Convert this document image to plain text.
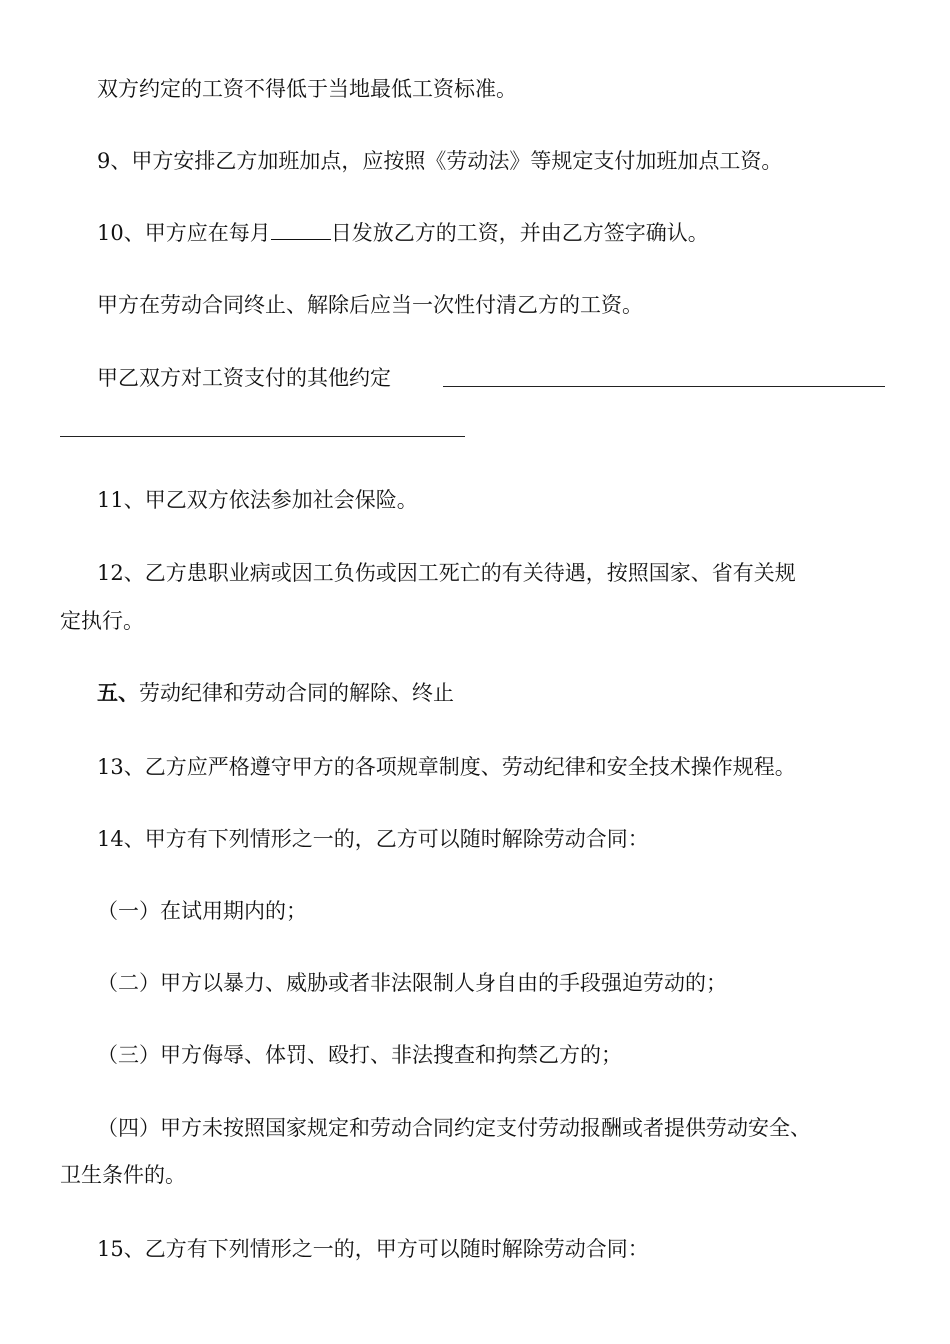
双方约定的工资不得低于当地最低工资标准。
9、甲方安排乙方加班加点，应按照《劳动法》等规定支付加班加点工资。
10、甲方应在每月	日发放乙方的工资，并由乙方签字确认。
甲方在劳动合同终止、解除后应当一次性付清乙方的工资。
甲乙双方对工资支付的其他约定
11、甲乙双方依法参加社会保险。
12、乙方患职业病或因工负伤或因工死亡的有关待遇，按照国家、省有关规
定执行。
五、劳动纪律和劳动合同的解除、终止
13、乙方应严格遵守甲方的各项规章制度、劳动纪律和安全技术操作规程。
14、甲方有下列情形之一的，乙方可以随时解除劳动合同：
（一）在试用期内的；
（二）甲方以暴力、威胁或者非法限制人身自由的手段强迫劳动的；
（三）甲方侮辱、体罚、殴打、非法搜查和拘禁乙方的；
（四）甲方未按照国家规定和劳动合同约定支付劳动报酬或者提供劳动安全、
卫生条件的。
15、乙方有下列情形之一的，甲方可以随时解除劳动合同：
